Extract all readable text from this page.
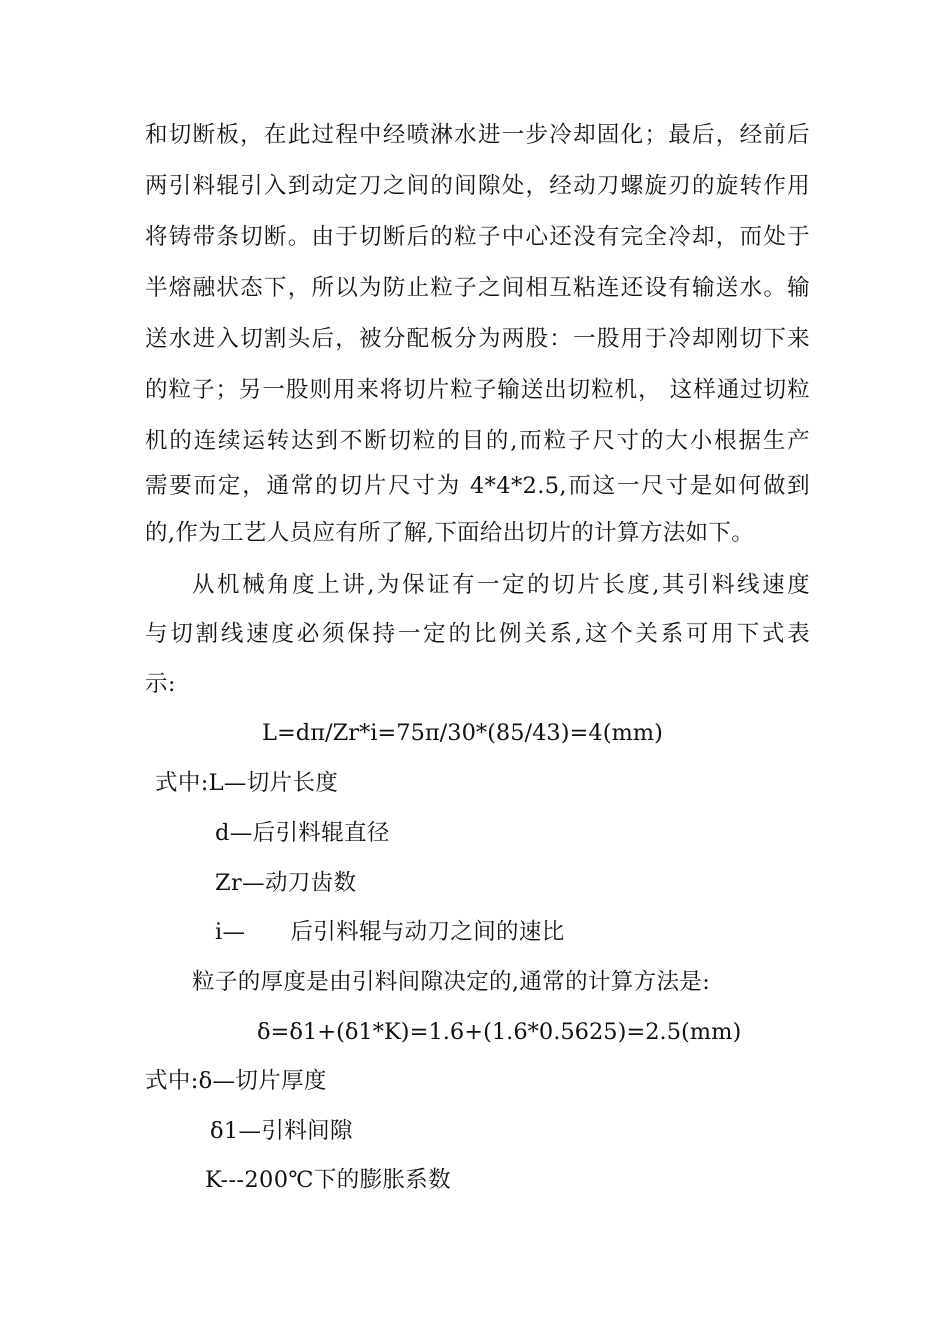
和切断板，在此过程中经喷淋水进一步冷却固化；最后，经前后
两引料辊引入到动定刀之间的间隙处，经动刀螺旋刃的旋转作用
将铸带条切断。由于切断后的粒子中心还没有完全冷却，而处于
半熔融状态下，所以为防止粒子之间相互粘连还设有输送水。输
送水进入切割头后，被分配板分为两股：一股用于冷却刚切下来
的粒子；另一股则用来将切片粒子输送出切粒机， 这样通过切粒
机的连续运转达到不断切粒的目的,而粒子尺寸的大小根据生产
需要而定，通常的切片尺寸为 4*4*2.5,而这一尺寸是如何做到
的,作为工艺人员应有所了解,下面给出切片的计算方法如下。
从机械角度上讲,为保证有一定的切片长度,其引料线速度
与切割线速度必须保持一定的比例关系,这个关系可用下式表
示:
L=dπ/Zr*i=75π/30*(85/43)=4(mm)
式中:L—切片长度
d—后引料辊直径
Zr—动刀齿数
i—      后引料辊与动刀之间的速比
粒子的厚度是由引料间隙决定的,通常的计算方法是:
δ=δ1+(δ1*K)=1.6+(1.6*0.5625)=2.5(mm)
式中:δ—切片厚度
δ1—引料间隙
K---200℃下的膨胀系数
